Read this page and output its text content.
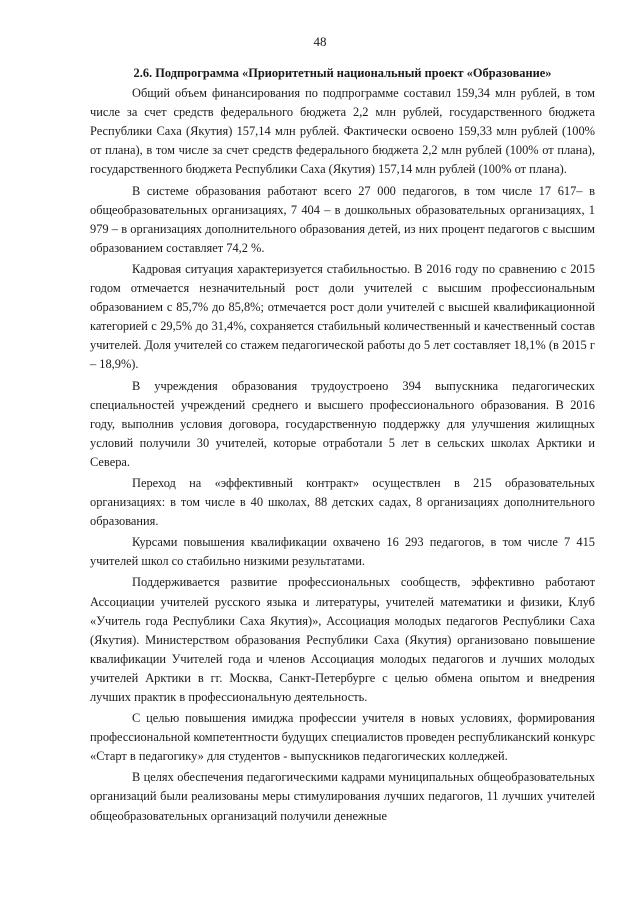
48

2.6. Подпрограмма «Приоритетный национальный проект «Образование»

Общий объем финансирования по подпрограмме составил 159,34 млн рублей, в том числе за счет средств федерального бюджета 2,2 млн рублей, государственного бюджета Республики Саха (Якутия) 157,14 млн рублей. Фактически освоено 159,33 млн рублей (100% от плана), в том числе за счет средств федерального бюджета 2,2 млн рублей (100% от плана), государственного бюджета Республики Саха (Якутия) 157,14 млн рублей (100% от плана).

В системе образования работают всего 27 000 педагогов, в том числе 17 617– в общеобразовательных организациях, 7 404 – в дошкольных образовательных организациях, 1 979 – в организациях дополнительного образования детей, из них процент педагогов с высшим образованием составляет 74,2 %.

Кадровая ситуация характеризуется стабильностью. В 2016 году по сравнению с 2015 годом отмечается незначительный рост доли учителей с высшим профессиональным образованием с 85,7% до 85,8%; отмечается рост доли учителей с высшей квалификационной категорией с 29,5% до 31,4%, сохраняется стабильный количественный и качественный состав учителей. Доля учителей со стажем педагогической работы до 5 лет составляет 18,1% (в 2015 г – 18,9%).

В учреждения образования трудоустроено 394 выпускника педагогических специальностей учреждений среднего и высшего профессионального образования. В 2016 году, выполнив условия договора, государственную поддержку для улучшения жилищных условий получили 30 учителей, которые отработали 5 лет в сельских школах Арктики и Севера.

Переход на «эффективный контракт» осуществлен в 215 образовательных организациях: в том числе в 40 школах, 88 детских садах, 8 организациях дополнительного образования.

Курсами повышения квалификации охвачено 16 293 педагогов, в том числе 7 415 учителей школ со стабильно низкими результатами.

Поддерживается развитие профессиональных сообществ, эффективно работают Ассоциации учителей русского языка и литературы, учителей математики и физики, Клуб «Учитель года Республики Саха Якутия)», Ассоциация молодых педагогов Республики Саха (Якутия). Министерством образования Республики Саха (Якутия) организовано повышение квалификации Учителей года и членов Ассоциация молодых педагогов и лучших молодых учителей Арктики в гг. Москва, Санкт-Петербурге с целью обмена опытом и внедрения лучших практик в профессиональную деятельность.

С целью повышения имиджа профессии учителя в новых условиях, формирования профессиональной компетентности будущих специалистов проведен республиканский конкурс «Старт в педагогику» для студентов - выпускников педагогических колледжей.

В целях обеспечения педагогическими кадрами муниципальных общеобразовательных организаций были реализованы меры стимулирования лучших педагогов, 11 лучших учителей общеобразовательных организаций получили денежные
